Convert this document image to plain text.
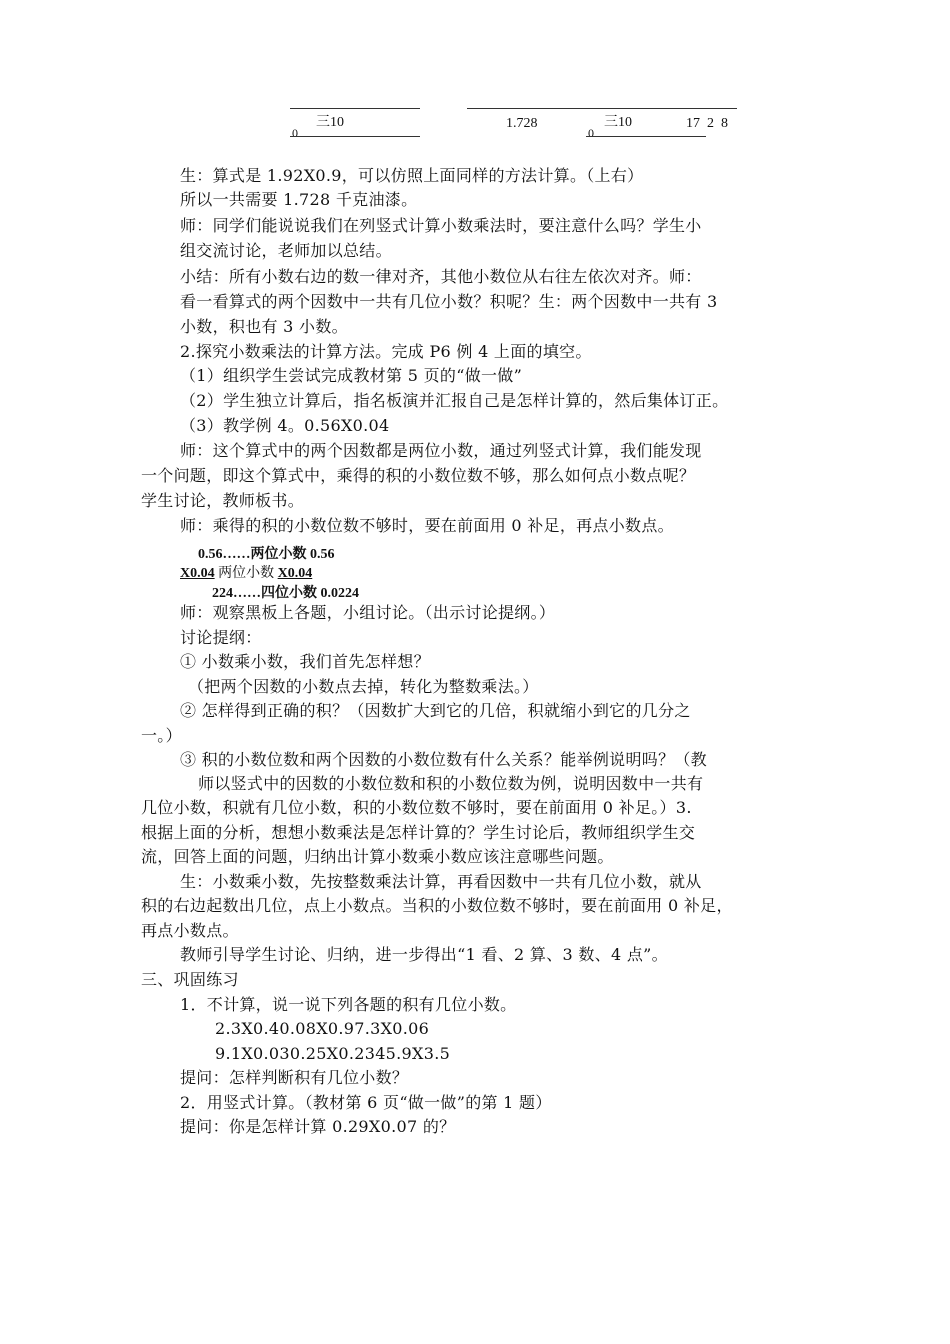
三10
0
1.728	三10
0
17  2  8
生：算式是 1.92X0.9，可以仿照上面同样的方法计算。（上右）
所以一共需要 1.728 千克油漆。
师：同学们能说说我们在列竖式计算小数乘法时，要注意什么吗？学生小
组交流讨论，老师加以总结。
小结：所有小数右边的数一律对齐，其他小数位从右往左依次对齐。师：
看一看算式的两个因数中一共有几位小数？积呢？生：两个因数中一共有 3
小数，积也有 3 小数。
2.探究小数乘法的计算方法。完成 P6 例 4 上面的填空。
（1）组织学生尝试完成教材第 5 页的“做一做”
（2）学生独立计算后，指名板演并汇报自己是怎样计算的，然后集体订正。
（3）教学例 4。0.56X0.04
师：这个算式中的两个因数都是两位小数，通过列竖式计算，我们能发现
一个问题，即这个算式中，乘得的积的小数位数不够，那么如何点小数点呢？
学生讨论，教师板书。
师：乘得的积的小数位数不够时，要在前面用 0 补足，再点小数点。
0.56……两位小数 0.56
X0.04 两位小数 X0.04
224……四位小数 0.0224
师：观察黑板上各题，小组讨论。（出示讨论提纲。）
讨论提纲：
① 小数乘小数，我们首先怎样想？
（把两个因数的小数点去掉，转化为整数乘法。）
② 怎样得到正确的积？（因数扩大到它的几倍，积就缩小到它的几分之
一。）
③ 积的小数位数和两个因数的小数位数有什么关系？能举例说明吗？（教
师以竖式中的因数的小数位数和积的小数位数为例，说明因数中一共有
几位小数，积就有几位小数，积的小数位数不够时，要在前面用 0 补足。）3.
根据上面的分析，想想小数乘法是怎样计算的？学生讨论后，教师组织学生交
流，回答上面的问题，归纳出计算小数乘小数应该注意哪些问题。
生：小数乘小数，先按整数乘法计算，再看因数中一共有几位小数，就从
积的右边起数出几位，点上小数点。当积的小数位数不够时，要在前面用 0 补足，
再点小数点。
教师引导学生讨论、归纳，进一步得出“1 看、2 算、3 数、4 点”。
三、巩固练习
1．不计算，说一说下列各题的积有几位小数。
2.3X0.40.08X0.97.3X0.06
9.1X0.030.25X0.2345.9X3.5
提问：怎样判断积有几位小数？
2．用竖式计算。（教材第 6 页“做一做”的第 1 题）
提问：你是怎样计算 0.29X0.07 的？
